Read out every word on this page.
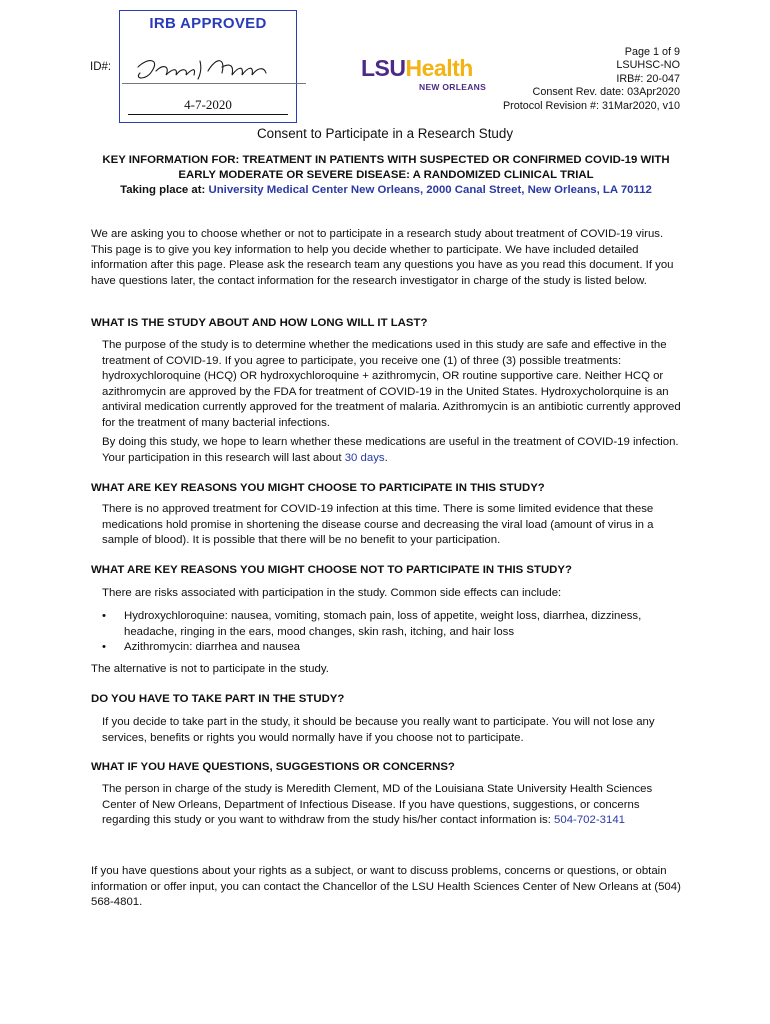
IRB APPROVED
4-7-2020
ID#:	LSUHealth
NEW ORLEANS
Page 1 of 9
LSUHSC-NO
IRB#: 20-047
Consent Rev. date: 03Apr2020
Protocol Revision #: 31Mar2020, v10
Consent to Participate in a Research Study
KEY INFORMATION FOR: TREATMENT IN PATIENTS WITH SUSPECTED OR CONFIRMED COVID-19 WITH EARLY MODERATE OR SEVERE DISEASE: A RANDOMIZED CLINICAL TRIAL
Taking place at: University Medical Center New Orleans, 2000 Canal Street, New Orleans, LA 70112

We are asking you to choose whether or not to participate in a research study about treatment of COVID-19 virus. This page is to give you key information to help you decide whether to participate. We have included detailed information after this page. Please ask the research team any questions you have as you read this document. If you have questions later, the contact information for the research investigator in charge of the study is listed below.

WHAT IS THE STUDY ABOUT AND HOW LONG WILL IT LAST?

The purpose of the study is to determine whether the medications used in this study are safe and effective in the treatment of COVID-19. If you agree to participate, you receive one (1) of three (3) possible treatments: hydroxychloroquine (HCQ) OR hydroxychloroquine + azithromycin, OR routine supportive care. Neither HCQ or azithromycin are approved by the FDA for treatment of COVID-19 in the United States. Hydroxycholorquine is an antiviral medication currently approved for the treatment of malaria. Azithromycin is an antibiotic currently approved for the treatment of many bacterial infections.

By doing this study, we hope to learn whether these medications are useful in the treatment of COVID-19 infection. Your participation in this research will last about 30 days.

WHAT ARE KEY REASONS YOU MIGHT CHOOSE TO PARTICIPATE IN THIS STUDY?

There is no approved treatment for COVID-19 infection at this time. There is some limited evidence that these medications hold promise in shortening the disease course and decreasing the viral load (amount of virus in a sample of blood). It is possible that there will be no benefit to your participation.

WHAT ARE KEY REASONS YOU MIGHT CHOOSE NOT TO PARTICIPATE IN THIS STUDY?

There are risks associated with participation in the study. Common side effects can include:

• Hydroxychloroquine: nausea, vomiting, stomach pain, loss of appetite, weight loss, diarrhea, dizziness, headache, ringing in the ears, mood changes, skin rash, itching, and hair loss
• Azithromycin: diarrhea and nausea

The alternative is not to participate in the study.

DO YOU HAVE TO TAKE PART IN THE STUDY?

If you decide to take part in the study, it should be because you really want to participate. You will not lose any services, benefits or rights you would normally have if you choose not to participate.

WHAT IF YOU HAVE QUESTIONS, SUGGESTIONS OR CONCERNS?

The person in charge of the study is Meredith Clement, MD of the Louisiana State University Health Sciences Center of New Orleans, Department of Infectious Disease. If you have questions, suggestions, or concerns regarding this study or you want to withdraw from the study his/her contact information is: 504-702-3141

If you have questions about your rights as a subject, or want to discuss problems, concerns or questions, or obtain information or offer input, you can contact the Chancellor of the LSU Health Sciences Center of New Orleans at (504) 568-4801.
